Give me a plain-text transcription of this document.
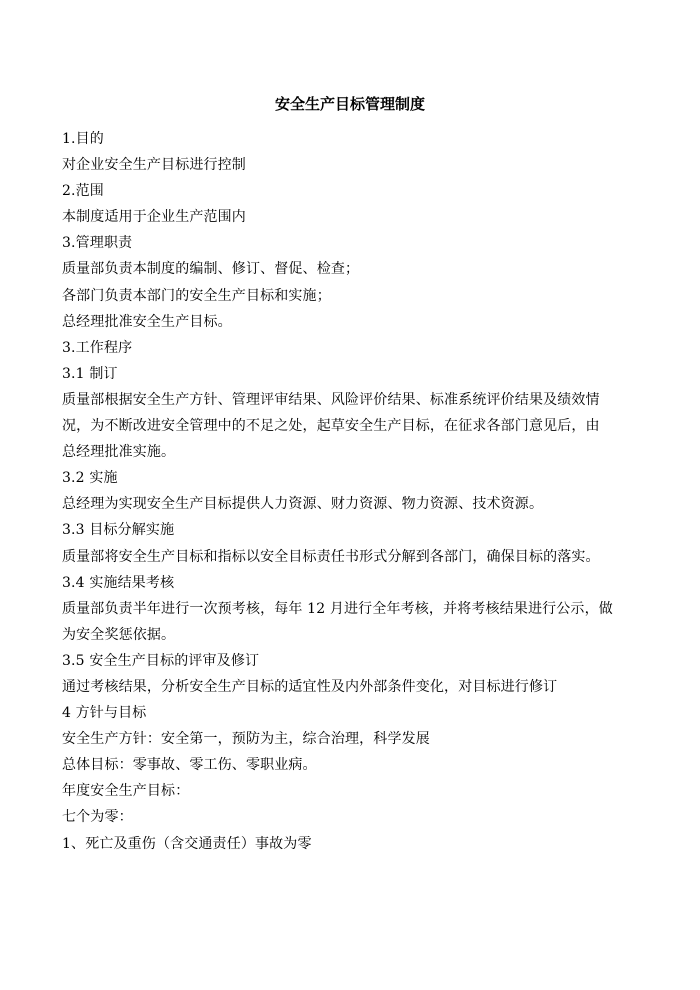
安全生产目标管理制度
1.目的
对企业安全生产目标进行控制
2.范围
本制度适用于企业生产范围内
3.管理职责
质量部负责本制度的编制、修订、督促、检查；
各部门负责本部门的安全生产目标和实施；
总经理批准安全生产目标。
3.工作程序
3.1 制订
质量部根据安全生产方针、管理评审结果、风险评价结果、标准系统评价结果及绩效情
况，为不断改进安全管理中的不足之处，起草安全生产目标，在征求各部门意见后，由
总经理批准实施。
3.2 实施
总经理为实现安全生产目标提供人力资源、财力资源、物力资源、技术资源。
3.3 目标分解实施
质量部将安全生产目标和指标以安全目标责任书形式分解到各部门，确保目标的落实。
3.4 实施结果考核
质量部负责半年进行一次预考核，每年 12 月进行全年考核，并将考核结果进行公示，做
为安全奖惩依据。
3.5 安全生产目标的评审及修订
通过考核结果，分析安全生产目标的适宜性及内外部条件变化，对目标进行修订
4 方针与目标
安全生产方针：安全第一，预防为主，综合治理，科学发展
总体目标：零事故、零工伤、零职业病。
年度安全生产目标：
七个为零：
1、死亡及重伤（含交通责任）事故为零
